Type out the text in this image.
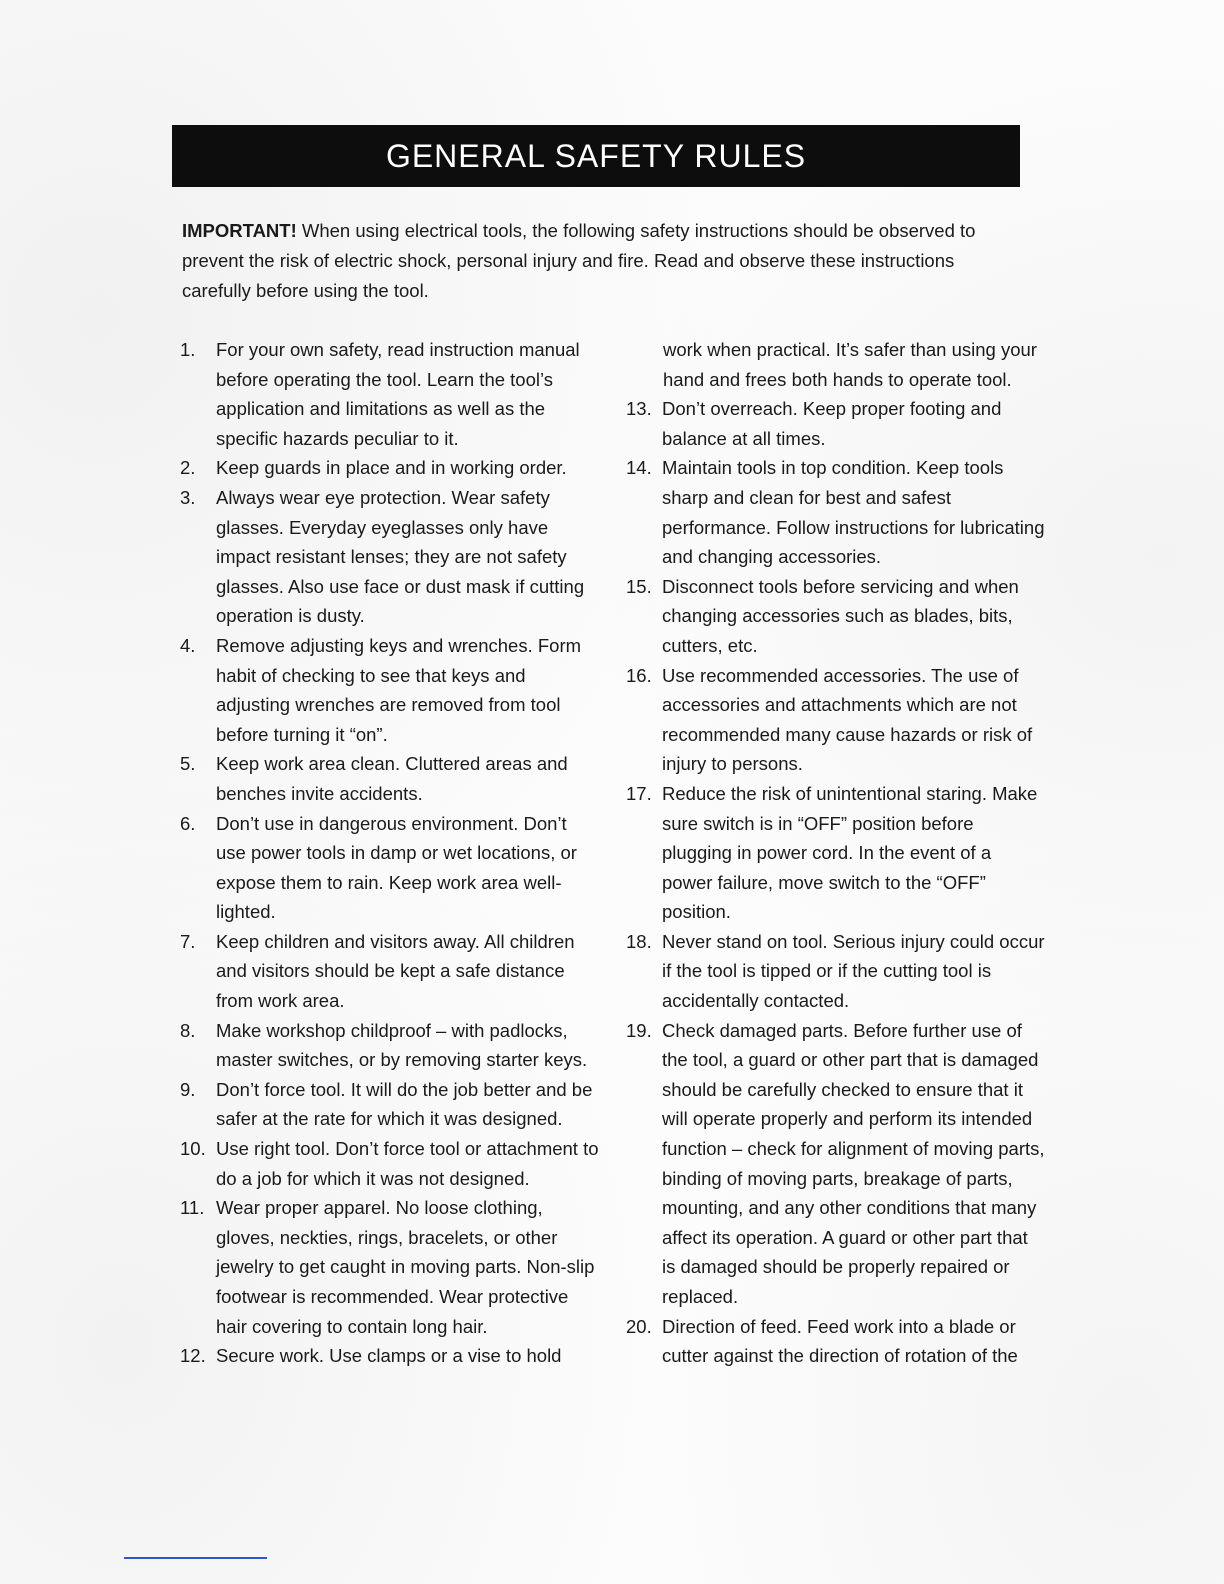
GENERAL SAFETY RULES

IMPORTANT! When using electrical tools, the following safety instructions should be observed to prevent the risk of electric shock, personal injury and fire. Read and observe these instructions carefully before using the tool.

1.	For your own safety, read instruction manual before operating the tool. Learn the tool’s application and limitations as well as the specific hazards peculiar to it.
2.	Keep guards in place and in working order.
3.	Always wear eye protection. Wear safety glasses. Everyday eyeglasses only have impact resistant lenses; they are not safety glasses. Also use face or dust mask if cutting operation is dusty.
4.	Remove adjusting keys and wrenches. Form habit of checking to see that keys and adjusting wrenches are removed from tool before turning it “on”.
5.	Keep work area clean. Cluttered areas and benches invite accidents.
6.	Don’t use in dangerous environment. Don’t use power tools in damp or wet locations, or expose them to rain. Keep work area well-lighted.
7.	Keep children and visitors away. All children and visitors should be kept a safe distance from work area.
8.	Make workshop childproof – with padlocks, master switches, or by removing starter keys.
9.	Don’t force tool. It will do the job better and be safer at the rate for which it was designed.
10. Use right tool. Don’t force tool or attachment to do a job for which it was not designed.
11. Wear proper apparel. No loose clothing, gloves, neckties, rings, bracelets, or other jewelry to get caught in moving parts. Non-slip footwear is recommended. Wear protective hair covering to contain long hair.
12. Secure work. Use clamps or a vise to hold
work when practical. It’s safer than using your hand and frees both hands to operate tool.
13. Don’t overreach. Keep proper footing and balance at all times.
14. Maintain tools in top condition. Keep tools sharp and clean for best and safest performance. Follow instructions for lubricating and changing accessories.
15. Disconnect tools before servicing and when changing accessories such as blades, bits, cutters, etc.
16. Use recommended accessories. The use of accessories and attachments which are not recommended many cause hazards or risk of injury to persons.
17. Reduce the risk of unintentional staring. Make sure switch is in “OFF” position before plugging in power cord. In the event of a power failure, move switch to the “OFF” position.
18. Never stand on tool. Serious injury could occur if the tool is tipped or if the cutting tool is accidentally contacted.
19. Check damaged parts. Before further use of the tool, a guard or other part that is damaged should be carefully checked to ensure that it will operate properly and perform its intended function – check for alignment of moving parts, binding of moving parts, breakage of parts, mounting, and any other conditions that many affect its operation. A guard or other part that is damaged should be properly repaired or replaced.
20. Direction of feed. Feed work into a blade or cutter against the direction of rotation of the
